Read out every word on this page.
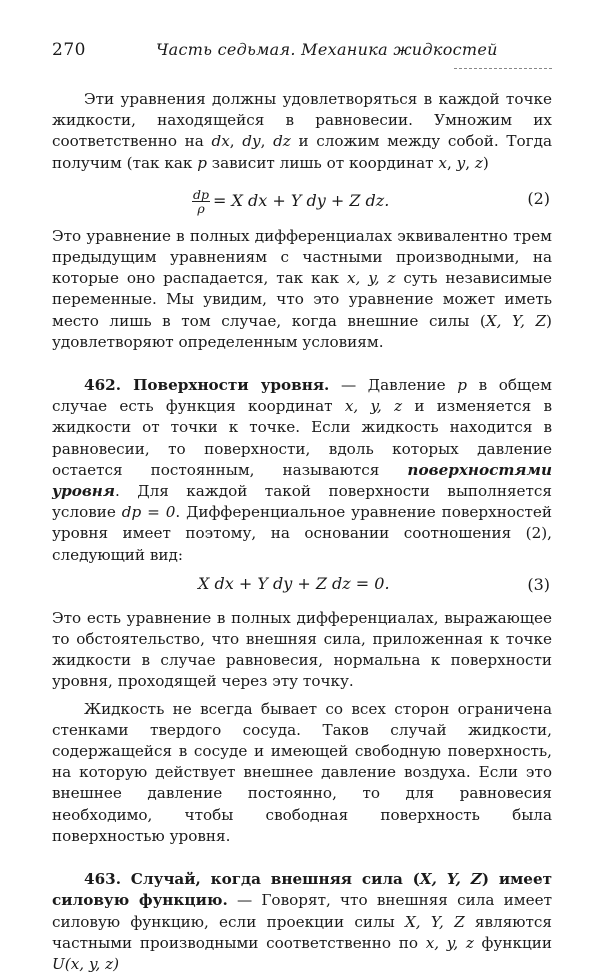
270	Часть седьмая. Механика жидкостей

Эти уравнения должны удовлетворяться в каждой точке жидкости, находящейся в равновесии. Умножим их соответственно на dx, dy, dz и сложим между собой. Тогда получим (так как p зависит лишь от координат x, y, z)

$\frac{dp}{\rho} = X$ dx + Y dy + Z dz.	(2)

Это уравнение в полных дифференциалах эквивалентно трем предыдущим уравнениям с частными производными, на которые оно распадается, так как x, y, z суть независимые переменные. Мы увидим, что это уравнение может иметь место лишь в том случае, когда внешние силы (X, Y, Z) удовлетворяют определенным условиям.

462. Поверхности уровня. — Давление p в общем случае есть функция координат x, y, z и изменяется в жидкости от точки к точке. Если жидкость находится в равновесии, то поверхности, вдоль которых давление остается постоянным, называются поверхностями уровня. Для каждой такой поверхности выполняется условие dp = 0. Дифференциальное уравнение поверхностей уровня имеет поэтому, на основании соотношения (2), следующий вид:

X dx + Y dy + Z dz = 0.	(3)

Это есть уравнение в полных дифференциалах, выражающее то обстоятельство, что внешняя сила, приложенная к точке жидкости в случае равновесия, нормальна к поверхности уровня, проходящей через эту точку.

Жидкость не всегда бывает со всех сторон ограничена стенками твердого сосуда. Таков случай жидкости, содержащейся в сосуде и имеющей свободную поверхность, на которую действует внешнее давление воздуха. Если это внешнее давление постоянно, то для равновесия необходимо, чтобы свободная поверхность была поверхностью уровня.

463. Случай, когда внешняя сила (X, Y, Z) имеет силовую функцию. — Говорят, что внешняя сила имеет силовую функцию, если проекции силы X, Y, Z являются частными производными соответственно по x, y, z функции U(x, y, z)
